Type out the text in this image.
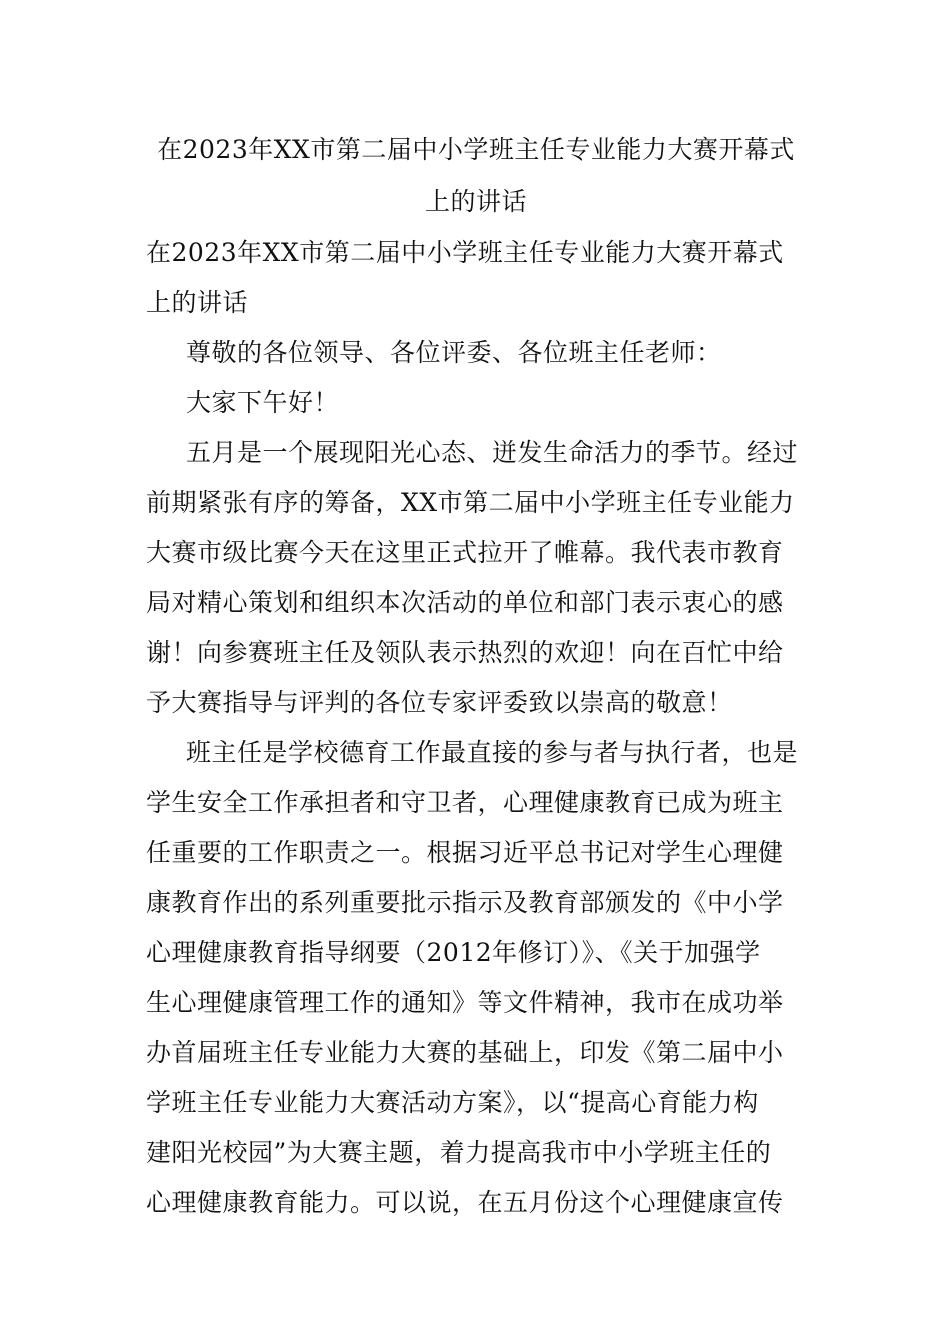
在2023年XX市第二届中小学班主任专业能力大赛开幕式

上的讲话

在2023年XX市第二届中小学班主任专业能力大赛开幕式

上的讲话

尊敬的各位领导、各位评委、各位班主任老师：

大家下午好！

五月是一个展现阳光心态、迸发生命活力的季节。经过

前期紧张有序的筹备，XX市第二届中小学班主任专业能力

大赛市级比赛今天在这里正式拉开了帷幕。我代表市教育

局对精心策划和组织本次活动的单位和部门表示衷心的感

谢！向参赛班主任及领队表示热烈的欢迎！向在百忙中给

予大赛指导与评判的各位专家评委致以崇高的敬意！

班主任是学校德育工作最直接的参与者与执行者，也是

学生安全工作承担者和守卫者，心理健康教育已成为班主

任重要的工作职责之一。根据习近平总书记对学生心理健

康教育作出的系列重要批示指示及教育部颁发的《中小学

心理健康教育指导纲要（2012年修订）》、《关于加强学

生心理健康管理工作的通知》等文件精神，我市在成功举

办首届班主任专业能力大赛的基础上，印发《第二届中小

学班主任专业能力大赛活动方案》，以“提高心育能力构

建阳光校园”为大赛主题，着力提高我市中小学班主任的

心理健康教育能力。可以说，在五月份这个心理健康宣传
